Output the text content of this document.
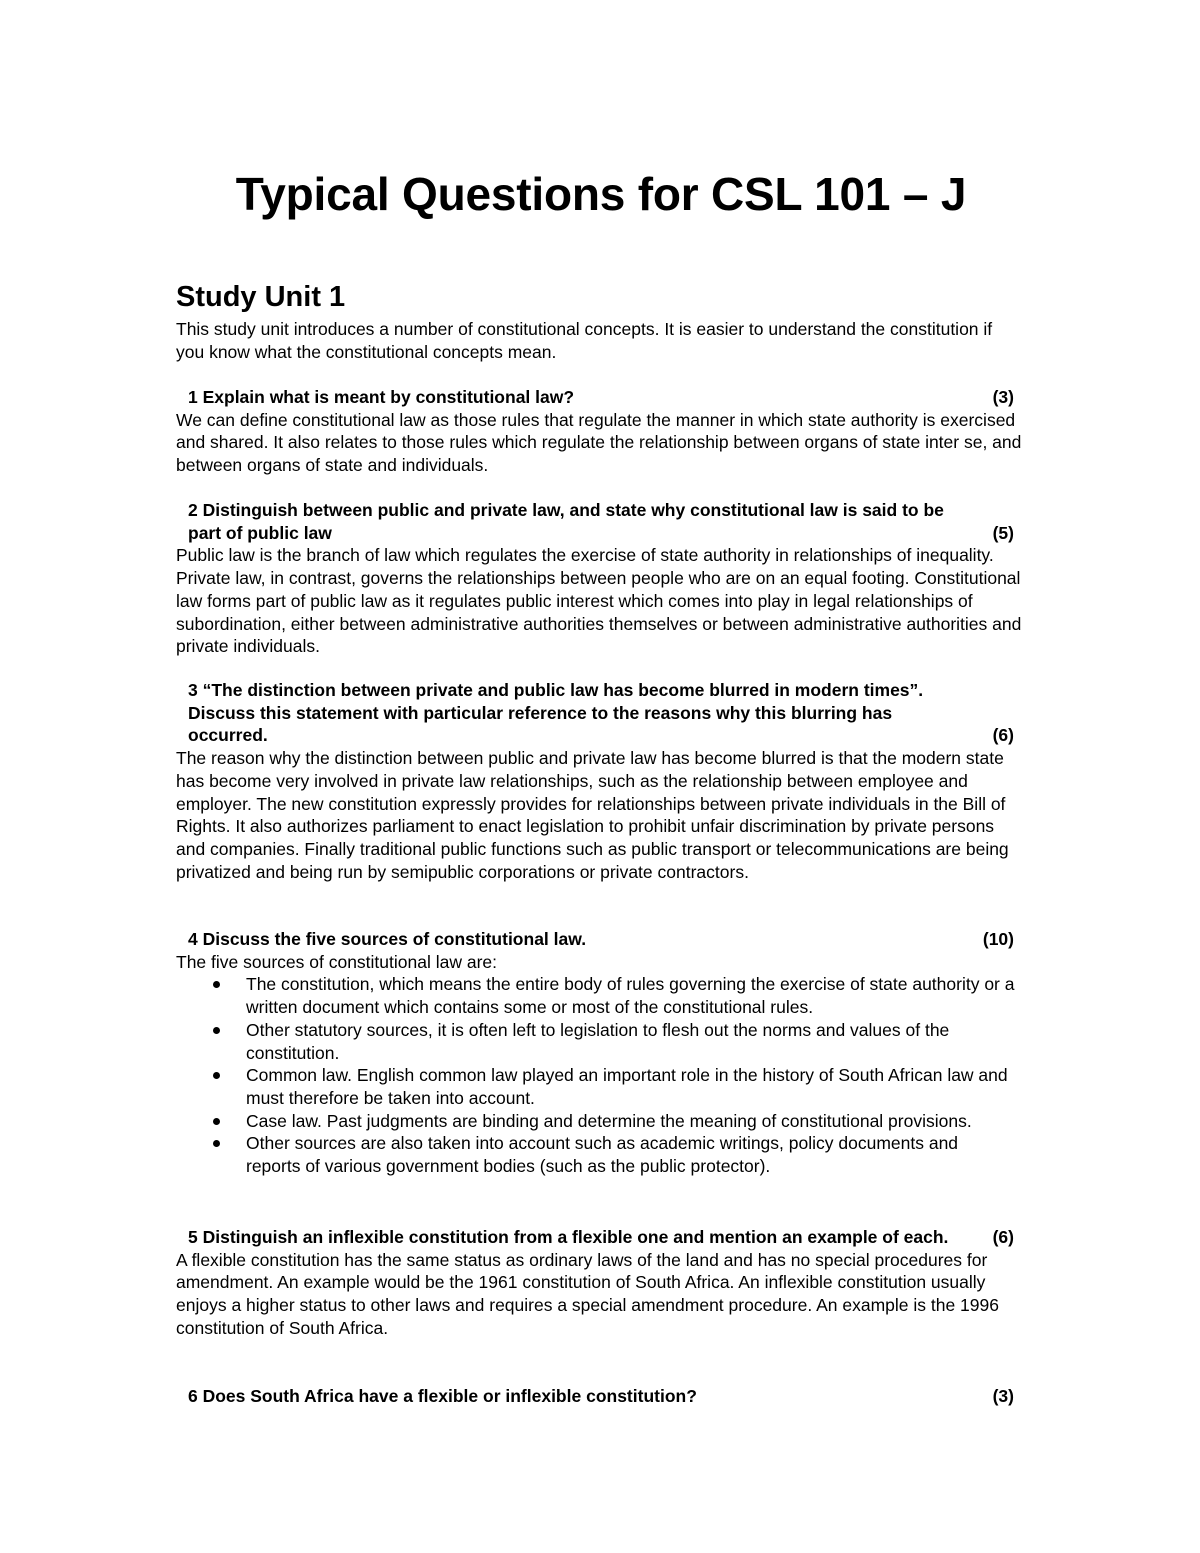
Typical Questions for CSL 101 – J
Study Unit 1

This study unit introduces a number of constitutional concepts. It is easier to understand the constitution if you know what the constitutional concepts mean.

1 Explain what is meant by constitutional law?	(3)

We can define constitutional law as those rules that regulate the manner in which state authority is exercised and shared. It also relates to those rules which regulate the relationship between organs of state inter se, and between organs of state and individuals.

2 Distinguish between public and private law, and state why constitutional law is said to be part of public law	(5)

Public law is the branch of law which regulates the exercise of state authority in relationships of inequality. Private law, in contrast, governs the relationships between people who are on an equal footing. Constitutional law forms part of public law as it regulates public interest which comes into play in legal relationships of subordination, either between administrative authorities themselves or between administrative authorities and private individuals.

3 “The distinction between private and public law has become blurred in modern times”. Discuss this statement with particular reference to the reasons why this blurring has occurred.	(6)

The reason why the distinction between public and private law has become blurred is that the modern state has become very involved in private law relationships, such as the relationship between employee and employer. The new constitution expressly provides for relationships between private individuals in the Bill of Rights. It also authorizes parliament to enact legislation to prohibit unfair discrimination by private persons and companies. Finally traditional public functions such as public transport or telecommunications are being privatized and being run by semipublic corporations or private contractors.

4 Discuss the five sources of constitutional law.	(10)

The five sources of constitutional law are:

The constitution, which means the entire body of rules governing the exercise of state authority or a written document which contains some or most of the constitutional rules.
Other statutory sources, it is often left to legislation to flesh out the norms and values of the constitution.
Common law. English common law played an important role in the history of South African law and must therefore be taken into account.
Case law. Past judgments are binding and determine the meaning of constitutional provisions.
Other sources are also taken into account such as academic writings, policy documents and reports of various government bodies (such as the public protector).

5 Distinguish an inflexible constitution from a flexible one and mention an example of each.	(6)

A flexible constitution has the same status as ordinary laws of the land and has no special procedures for amendment. An example would be the 1961 constitution of South Africa. An inflexible constitution usually enjoys a higher status to other laws and requires a special amendment procedure. An example is the 1996 constitution of South Africa.

6 Does South Africa have a flexible or inflexible constitution?	(3)
